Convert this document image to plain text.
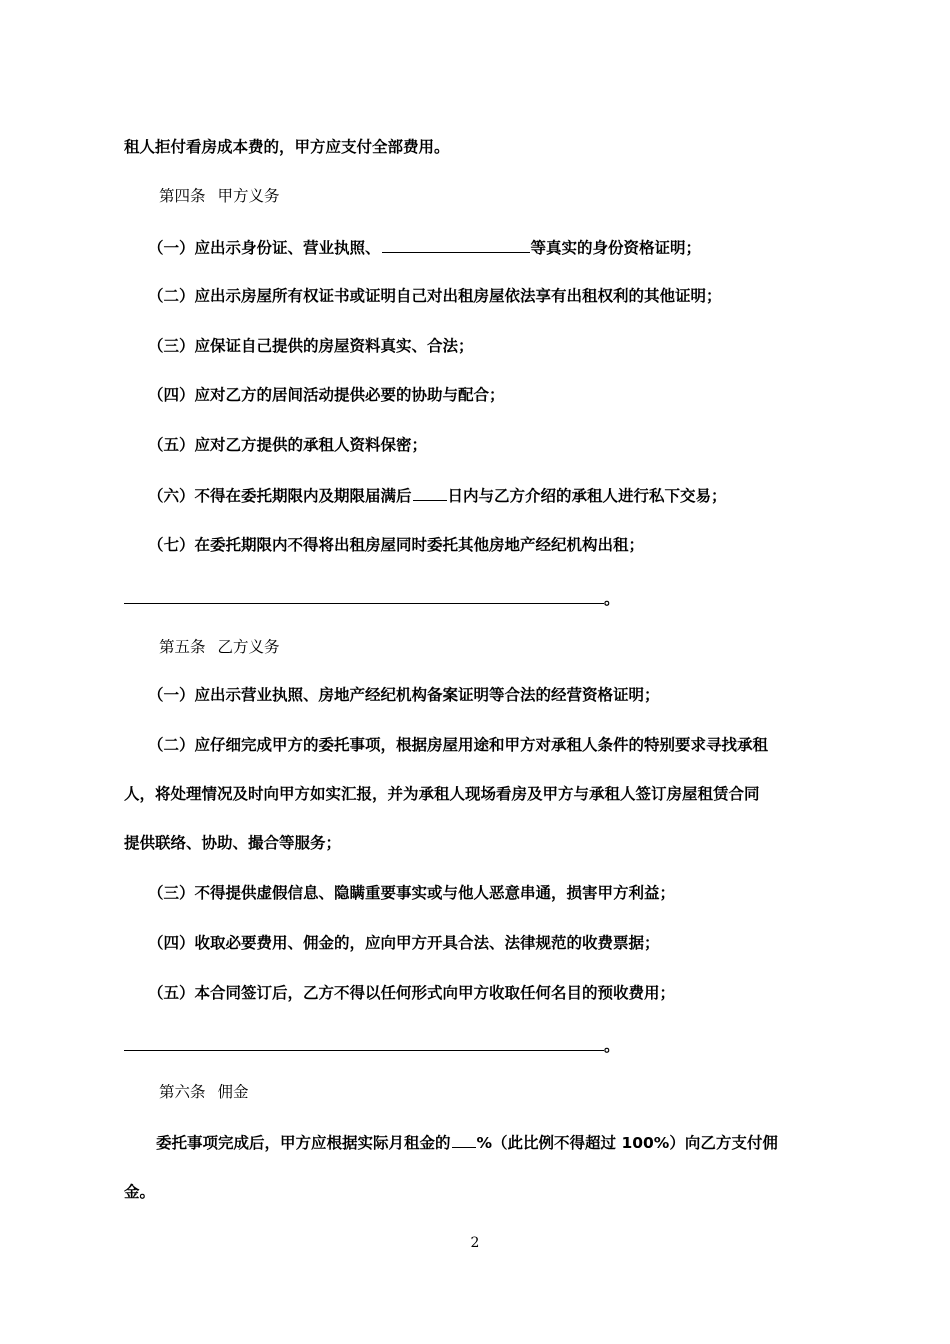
租人拒付看房成本费的，甲方应支付全部费用。
第四条 甲方义务
（一）应出示身份证、营业执照、	等真实的身份资格证明；
（二）应出示房屋所有权证书或证明自己对出租房屋依法享有出租权利的其他证明；
（三）应保证自己提供的房屋资料真实、合法；
（四）应对乙方的居间活动提供必要的协助与配合；
（五）应对乙方提供的承租人资料保密；
（六）不得在委托期限内及期限届满后 日内与乙方介绍的承租人进行私下交易；
（七）在委托期限内不得将出租房屋同时委托其他房地产经纪机构出租；
。
第五条 乙方义务
（一）应出示营业执照、房地产经纪机构备案证明等合法的经营资格证明；
（二）应仔细完成甲方的委托事项，根据房屋用途和甲方对承租人条件的特别要求寻找承租
人，将处理情况及时向甲方如实汇报，并为承租人现场看房及甲方与承租人签订房屋租赁合同
提供联络、协助、撮合等服务；
（三）不得提供虚假信息、隐瞒重要事实或与他人恶意串通，损害甲方利益；
（四）收取必要费用、佣金的，应向甲方开具合法、法律规范的收费票据；
（五）本合同签订后，乙方不得以任何形式向甲方收取任何名目的预收费用；
。
第六条 佣金
委托事项完成后，甲方应根据实际月租金的 %（此比例不得超过 100%）向乙方支付佣
金。
2
